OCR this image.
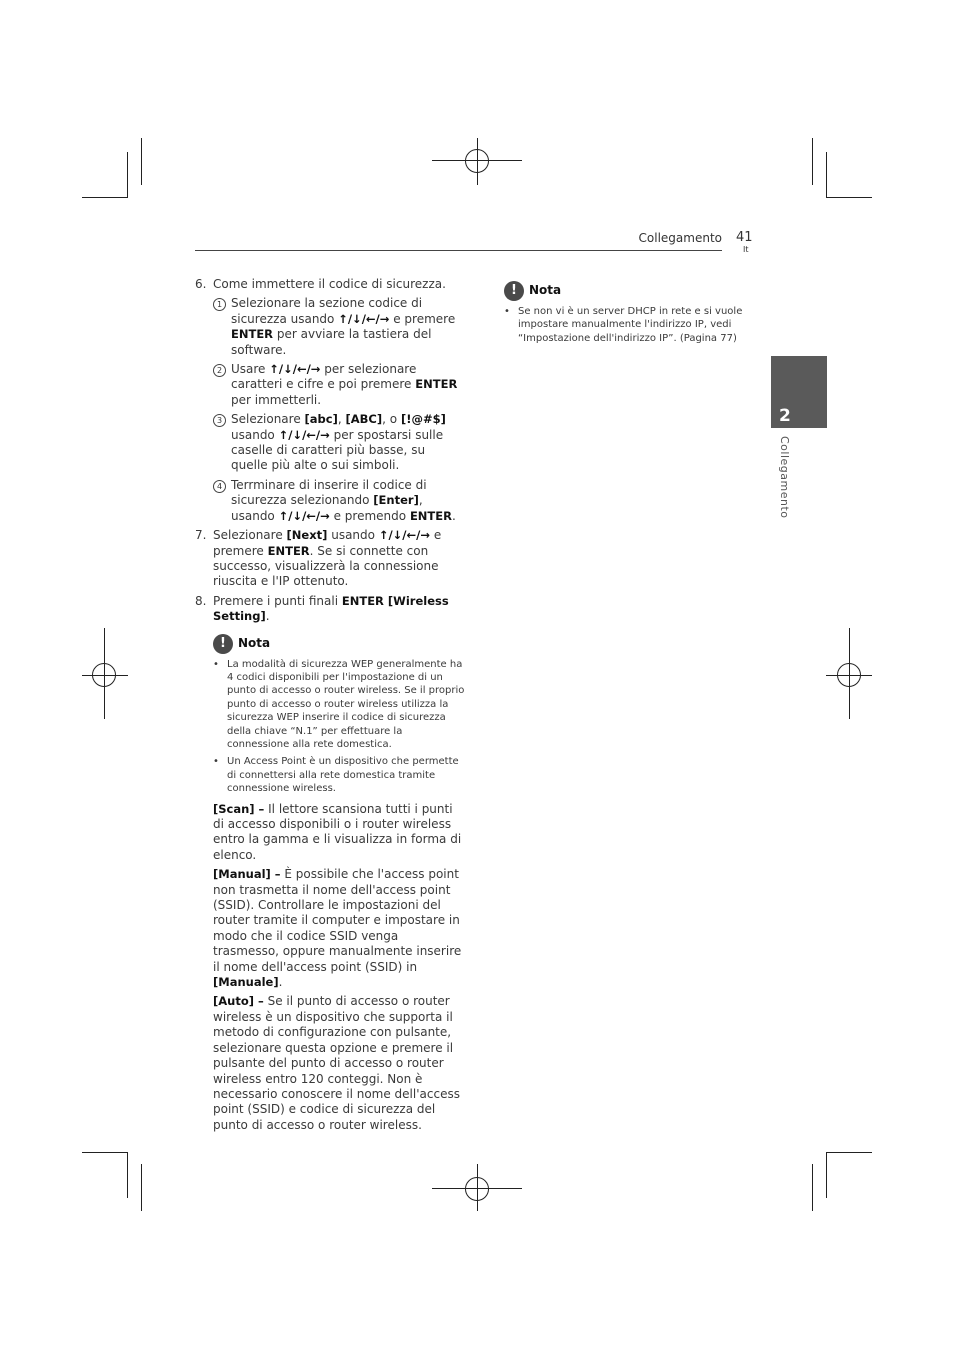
Collegamento 41
It
2
Collegamento
6. Come immettere il codice di sicurezza.
1 Selezionare la sezione codice di sicurezza usando ↑/↓/←/→ e premere ENTER per avviare la tastiera del software.
2 Usare ↑/↓/←/→ per selezionare caratteri e cifre e poi premere ENTER per immetterli.
3 Selezionare [abc], [ABC], o [!@#$] usando ↑/↓/←/→ per spostarsi sulle caselle di caratteri più basse, su quelle più alte o sui simboli.
4 Terrminare di inserire il codice di sicurezza selezionando [Enter], usando ↑/↓/←/→ e premendo ENTER.
7. Selezionare [Next] usando ↑/↓/←/→ e premere ENTER. Se si connette con successo, visualizzerà la connessione riuscita e l'IP ottenuto.
8. Premere i punti finali ENTER [Wireless Setting].
!	Nota
• La modalità di sicurezza WEP generalmente ha 4 codici disponibili per l'impostazione di un punto di accesso o router wireless. Se il proprio punto di accesso o router wireless utilizza la sicurezza WEP inserire il codice di sicurezza della chiave “N.1” per effettuare la connessione alla rete domestica.
• Un Access Point è un dispositivo che permette di connettersi alla rete domestica tramite connessione wireless.
[Scan] – Il lettore scansiona tutti i punti di accesso disponibili o i router wireless entro la gamma e li visualizza in forma di elenco.
[Manual] – È possibile che l'access point non trasmetta il nome dell'access point (SSID). Controllare le impostazioni del router tramite il computer e impostare in modo che il codice SSID venga trasmesso, oppure manualmente inserire il nome dell'access point (SSID) in [Manuale].
[Auto] – Se il punto di accesso o router wireless è un dispositivo che supporta il metodo di configurazione con pulsante, selezionare questa opzione e premere il pulsante del punto di accesso o router wireless entro 120 conteggi. Non è necessario conoscere il nome dell'access point (SSID) e codice di sicurezza del punto di accesso o router wireless.
!	Nota
• Se non vi è un server DHCP in rete e si vuole impostare manualmente l'indirizzo IP, vedi “Impostazione dell'indirizzo IP”. (Pagina 77)
